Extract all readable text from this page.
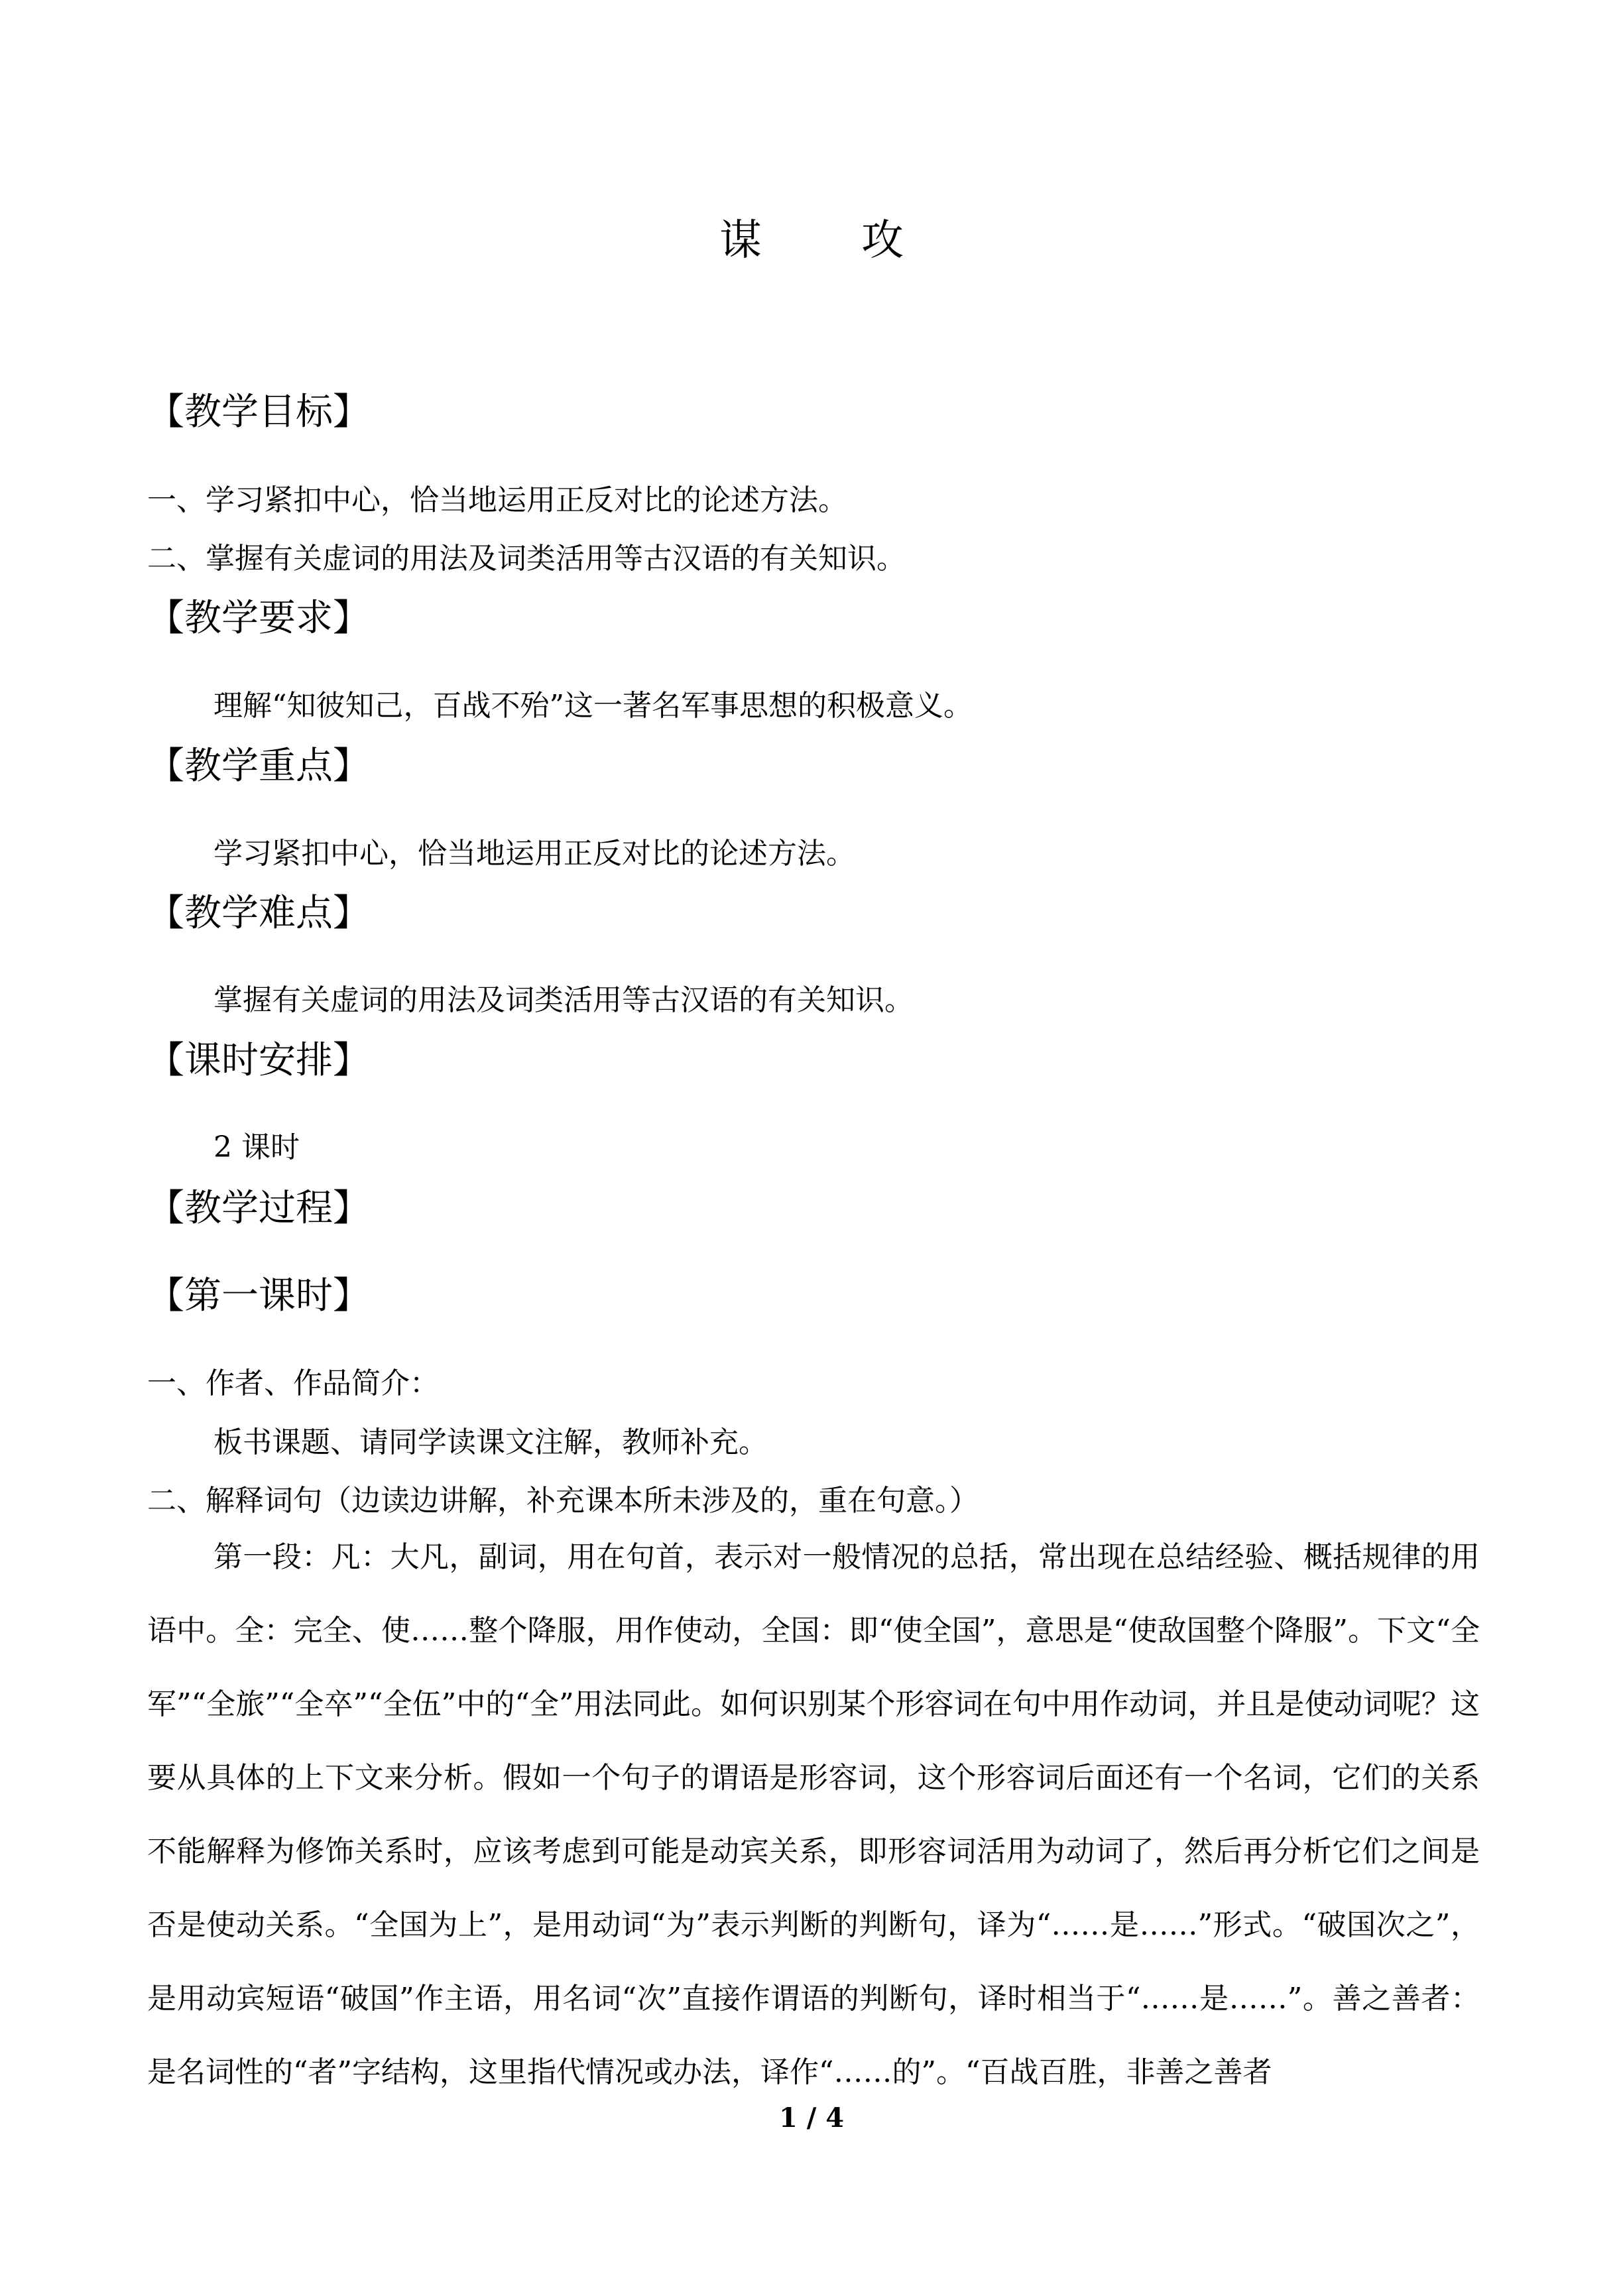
谋 攻
【教学目标】
一、学习紧扣中心，恰当地运用正反对比的论述方法。
二、掌握有关虚词的用法及词类活用等古汉语的有关知识。
【教学要求】
理解“知彼知己，百战不殆”这一著名军事思想的积极意义。
【教学重点】
学习紧扣中心，恰当地运用正反对比的论述方法。
【教学难点】
掌握有关虚词的用法及词类活用等古汉语的有关知识。
【课时安排】
2 课时
【教学过程】
【第一课时】
一、作者、作品简介：
板书课题、请同学读课文注解，教师补充。
二、解释词句（边读边讲解，补充课本所未涉及的，重在句意。）

第一段：凡：大凡，副词，用在句首，表示对一般情况的总括，常出现在总结经验、概括规律的用语中。全：完全、使……整个降服，用作使动，全国：即“使全国”，意思是“使敌国整个降服”。下文“全军”“全旅”“全卒”“全伍”中的“全”用法同此。如何识别某个形容词在句中用作动词，并且是使动词呢？这要从具体的上下文来分析。假如一个句子的谓语是形容词，这个形容词后面还有一个名词，它们的关系不能解释为修饰关系时，应该考虑到可能是动宾关系，即形容词活用为动词了，然后再分析它们之间是否是使动关系。“全国为上”，是用动词“为”表示判断的判断句，译为“……是……”形式。“破国次之”，是用动宾短语“破国”作主语，用名词“次”直接作谓语的判断句，译时相当于“……是……”。善之善者：是名词性的“者”字结构，这里指代情况或办法，译作“……的”。“百战百胜，非善之善者

1 / 4
